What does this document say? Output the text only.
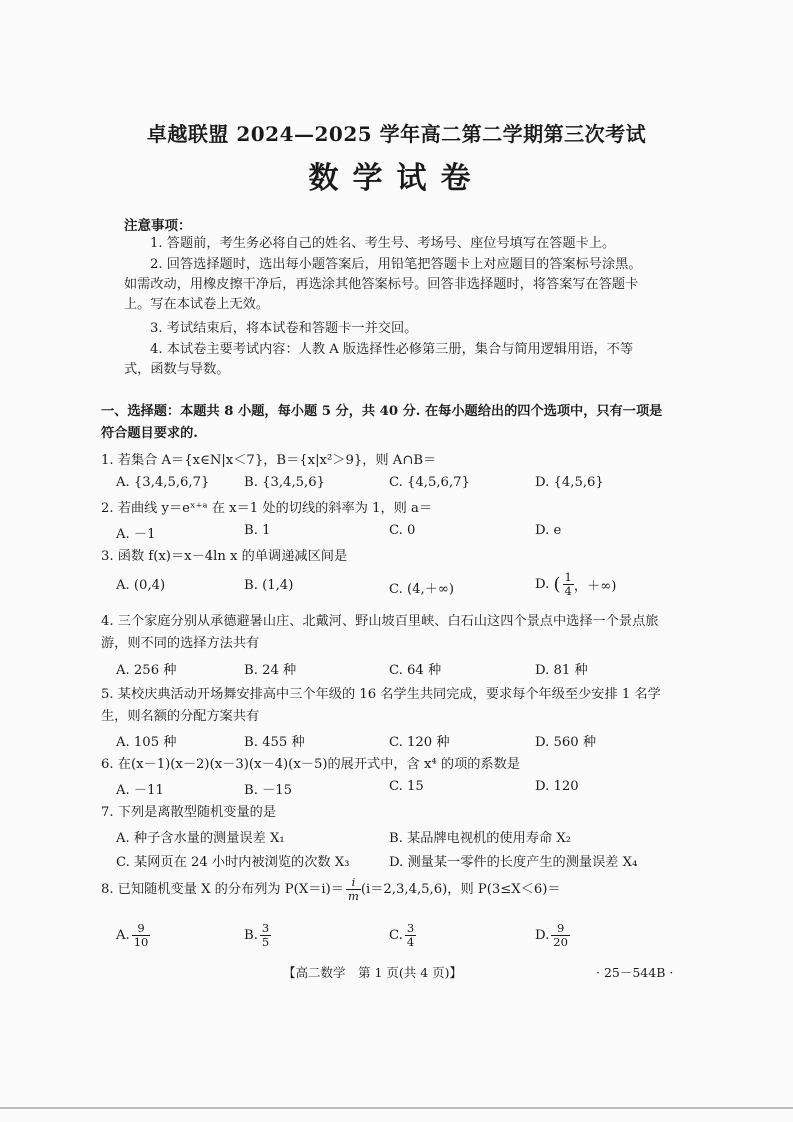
卓越联盟 2024—2025 学年高二第二学期第三次考试
数学试卷
注意事项：
1. 答题前，考生务必将自己的姓名、考生号、考场号、座位号填写在答题卡上。
2. 回答选择题时，选出每小题答案后，用铅笔把答题卡上对应题目的答案标号涂黑。如需改动，用橡皮擦干净后，再选涂其他答案标号。回答非选择题时，将答案写在答题卡上。写在本试卷上无效。
3. 考试结束后，将本试卷和答题卡一并交回。
4. 本试卷主要考试内容：人教 A 版选择性必修第三册，集合与简用逻辑用语，不等式，函数与导数。
一、选择题：本题共 8 小题，每小题 5 分，共 40 分. 在每小题给出的四个选项中，只有一项是符合题目要求的.
1. 若集合 A＝{x∈N|x＜7}，B＝{x|x²＞9}，则 A∩B＝
A. {3,4,5,6,7}	B. {3,4,5,6}	C. {4,5,6,7}	D. {4,5,6}
2. 若曲线 y＝eˣ⁺ᵃ 在 x＝1 处的切线的斜率为 1，则 a＝
A. －1	B. 1	C. 0	D. e
3. 函数 f(x)＝x－4ln x 的单调递减区间是
A. (0,4)	B. (1,4)	C. (4,＋∞)	D. ( $\frac{1}{4}$ ，＋∞)
4. 三个家庭分别从承德避暑山庄、北戴河、野山坡百里峡、白石山这四个景点中选择一个景点旅游，则不同的选择方法共有
A. 256 种	B. 24 种	C. 64 种	D. 81 种
5. 某校庆典活动开场舞安排高中三个年级的 16 名学生共同完成，要求每个年级至少安排 1 名学生，则名额的分配方案共有
A. 105 种	B. 455 种	C. 120 种	D. 560 种
6. 在(x－1)(x－2)(x－3)(x－4)(x－5)的展开式中，含 x⁴ 的项的系数是
A. －11	B. －15	C. 15	D. 120
7. 下列是离散型随机变量的是
A. 种子含水量的测量误差 X₁	B. 某品牌电视机的使用寿命 X₂
C. 某网页在 24 小时内被浏览的次数 X₃	D. 测量某一零件的长度产生的测量误差 X₄
8. 已知随机变量 X 的分布列为 $P(X=i)= \frac{i}{m} (i=2,3,4,5,6)$，则 P(3≤X＜6)＝
A. $\frac{9}{10}$	B. $\frac{3}{5}$	C. $\frac{3}{4}$	D. $\frac{9}{20}$
【高二数学　第 1 页(共 4 页)】	· 25－544B ·
